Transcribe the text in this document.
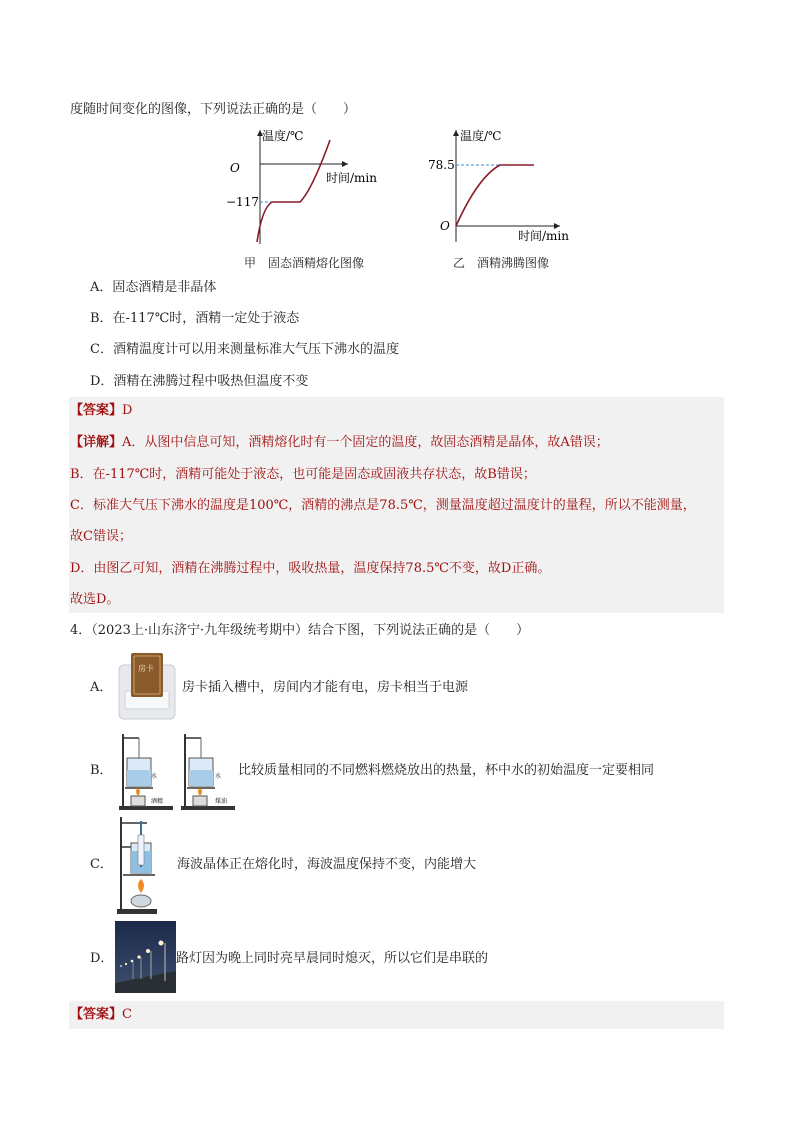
度随时间变化的图像，下列说法正确的是（　　）
温度/℃
O
时间/min
−117
甲　固态酒精熔化图像
温度/℃
78.5
O
时间/min
乙　酒精沸腾图像
A．固态酒精是非晶体
B．在-117℃时，酒精一定处于液态
C．酒精温度计可以用来测量标准大气压下沸水的温度
D．酒精在沸腾过程中吸热但温度不变
【答案】D
【详解】A．从图中信息可知，酒精熔化时有一个固定的温度，故固态酒精是晶体，故A错误；
B．在-117℃时，酒精可能处于液态，也可能是固态或固液共存状态，故B错误；
C．标准大气压下沸水的温度是100℃，酒精的沸点是78.5℃，测量温度超过温度计的量程，所以不能测量，
故C错误；
D．由图乙可知，酒精在沸腾过程中，吸收热量，温度保持78.5℃不变，故D正确。
故选D。
4．（2023上·山东济宁·九年级统考期中）结合下图，下列说法正确的是（　　）
A．
房卡
房卡插入槽中，房间内才能有电，房卡相当于电源
B．	水
酒精
水
煤油
比较质量相同的不同燃料燃烧放出的热量，杯中水的初始温度一定要相同
C．	海波晶体正在熔化时，海波温度保持不变，内能增大
D．	路灯因为晚上同时亮早晨同时熄灭，所以它们是串联的
【答案】C
